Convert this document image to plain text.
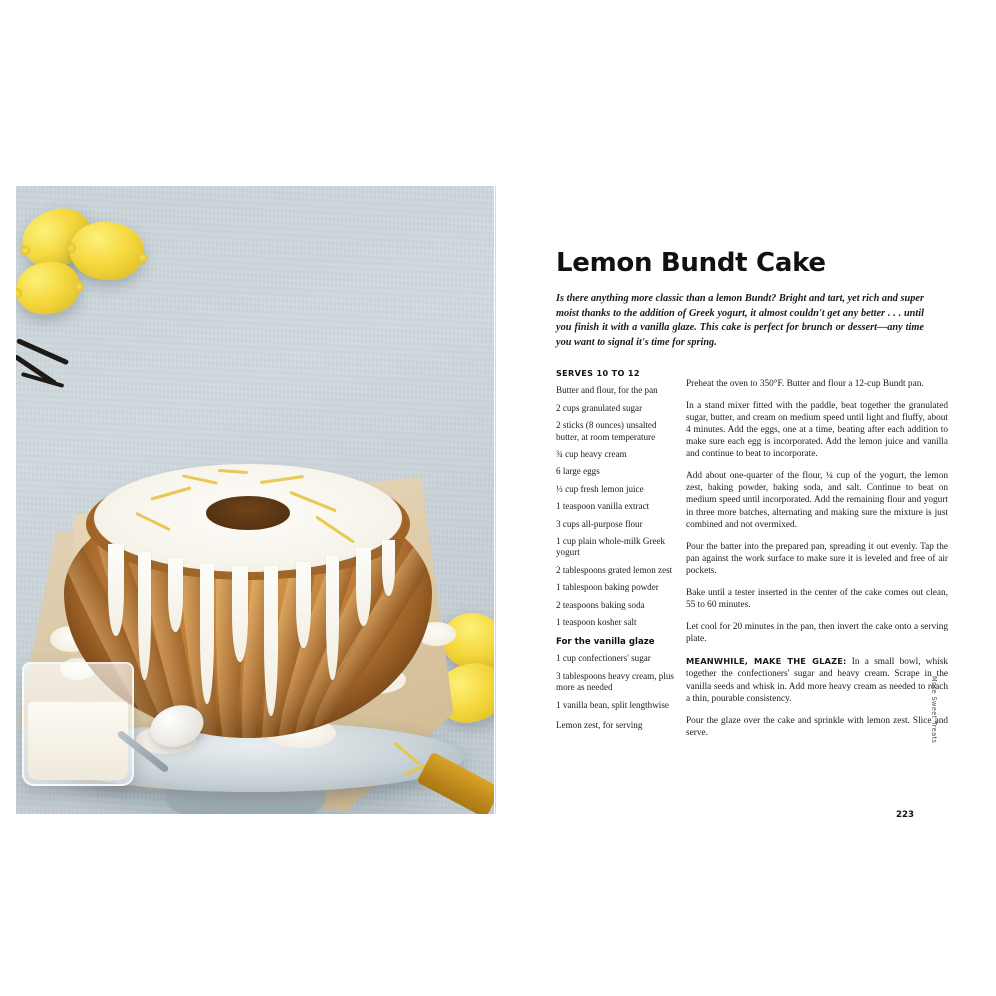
Lemon Bundt Cake

Is there anything more classic than a lemon Bundt? Bright and tart, yet rich and super moist thanks to the addition of Greek yogurt, it almost couldn't get any better . . . until you finish it with a vanilla glaze. This cake is perfect for brunch or dessert—any time you want to signal it's time for spring.

SERVES 10 TO 12
Butter and flour, for the pan
2 cups granulated sugar
2 sticks (8 ounces) unsalted butter, at room temperature
¾ cup heavy cream
6 large eggs
⅓ cup fresh lemon juice
1 teaspoon vanilla extract
3 cups all-purpose flour
1 cup plain whole-milk Greek yogurt
2 tablespoons grated lemon zest
1 tablespoon baking powder
2 teaspoons baking soda
1 teaspoon kosher salt
For the vanilla glaze
1 cup confectioners' sugar
3 tablespoons heavy cream, plus more as needed
1 vanilla bean, split lengthwise
Lemon zest, for serving

Preheat the oven to 350°F. Butter and flour a 12-cup Bundt pan.

In a stand mixer fitted with the paddle, beat together the granulated sugar, butter, and cream on medium speed until light and fluffy, about 4 minutes. Add the eggs, one at a time, beating after each addition to make sure each egg is incorporated. Add the lemon juice and vanilla and continue to beat to incorporate.

Add about one-quarter of the flour, ¼ cup of the yogurt, the lemon zest, baking powder, baking soda, and salt. Continue to beat on medium speed until incorporated. Add the remaining flour and yogurt in three more batches, alternating and making sure the mixture is just combined and not overmixed.

Pour the batter into the prepared pan, spreading it out evenly. Tap the pan against the work surface to make sure it is leveled and free of air pockets.

Bake until a tester inserted in the center of the cake comes out clean, 55 to 60 minutes.

Let cool for 20 minutes in the pan, then invert the cake onto a serving plate.

MEANWHILE, MAKE THE GLAZE: In a small bowl, whisk together the confectioners' sugar and heavy cream. Scrape in the vanilla seeds and whisk in. Add more heavy cream as needed to reach a thin, pourable consistency.

Pour the glaze over the cake and sprinkle with lemon zest. Slice and serve.	More Sweet Treats
223
